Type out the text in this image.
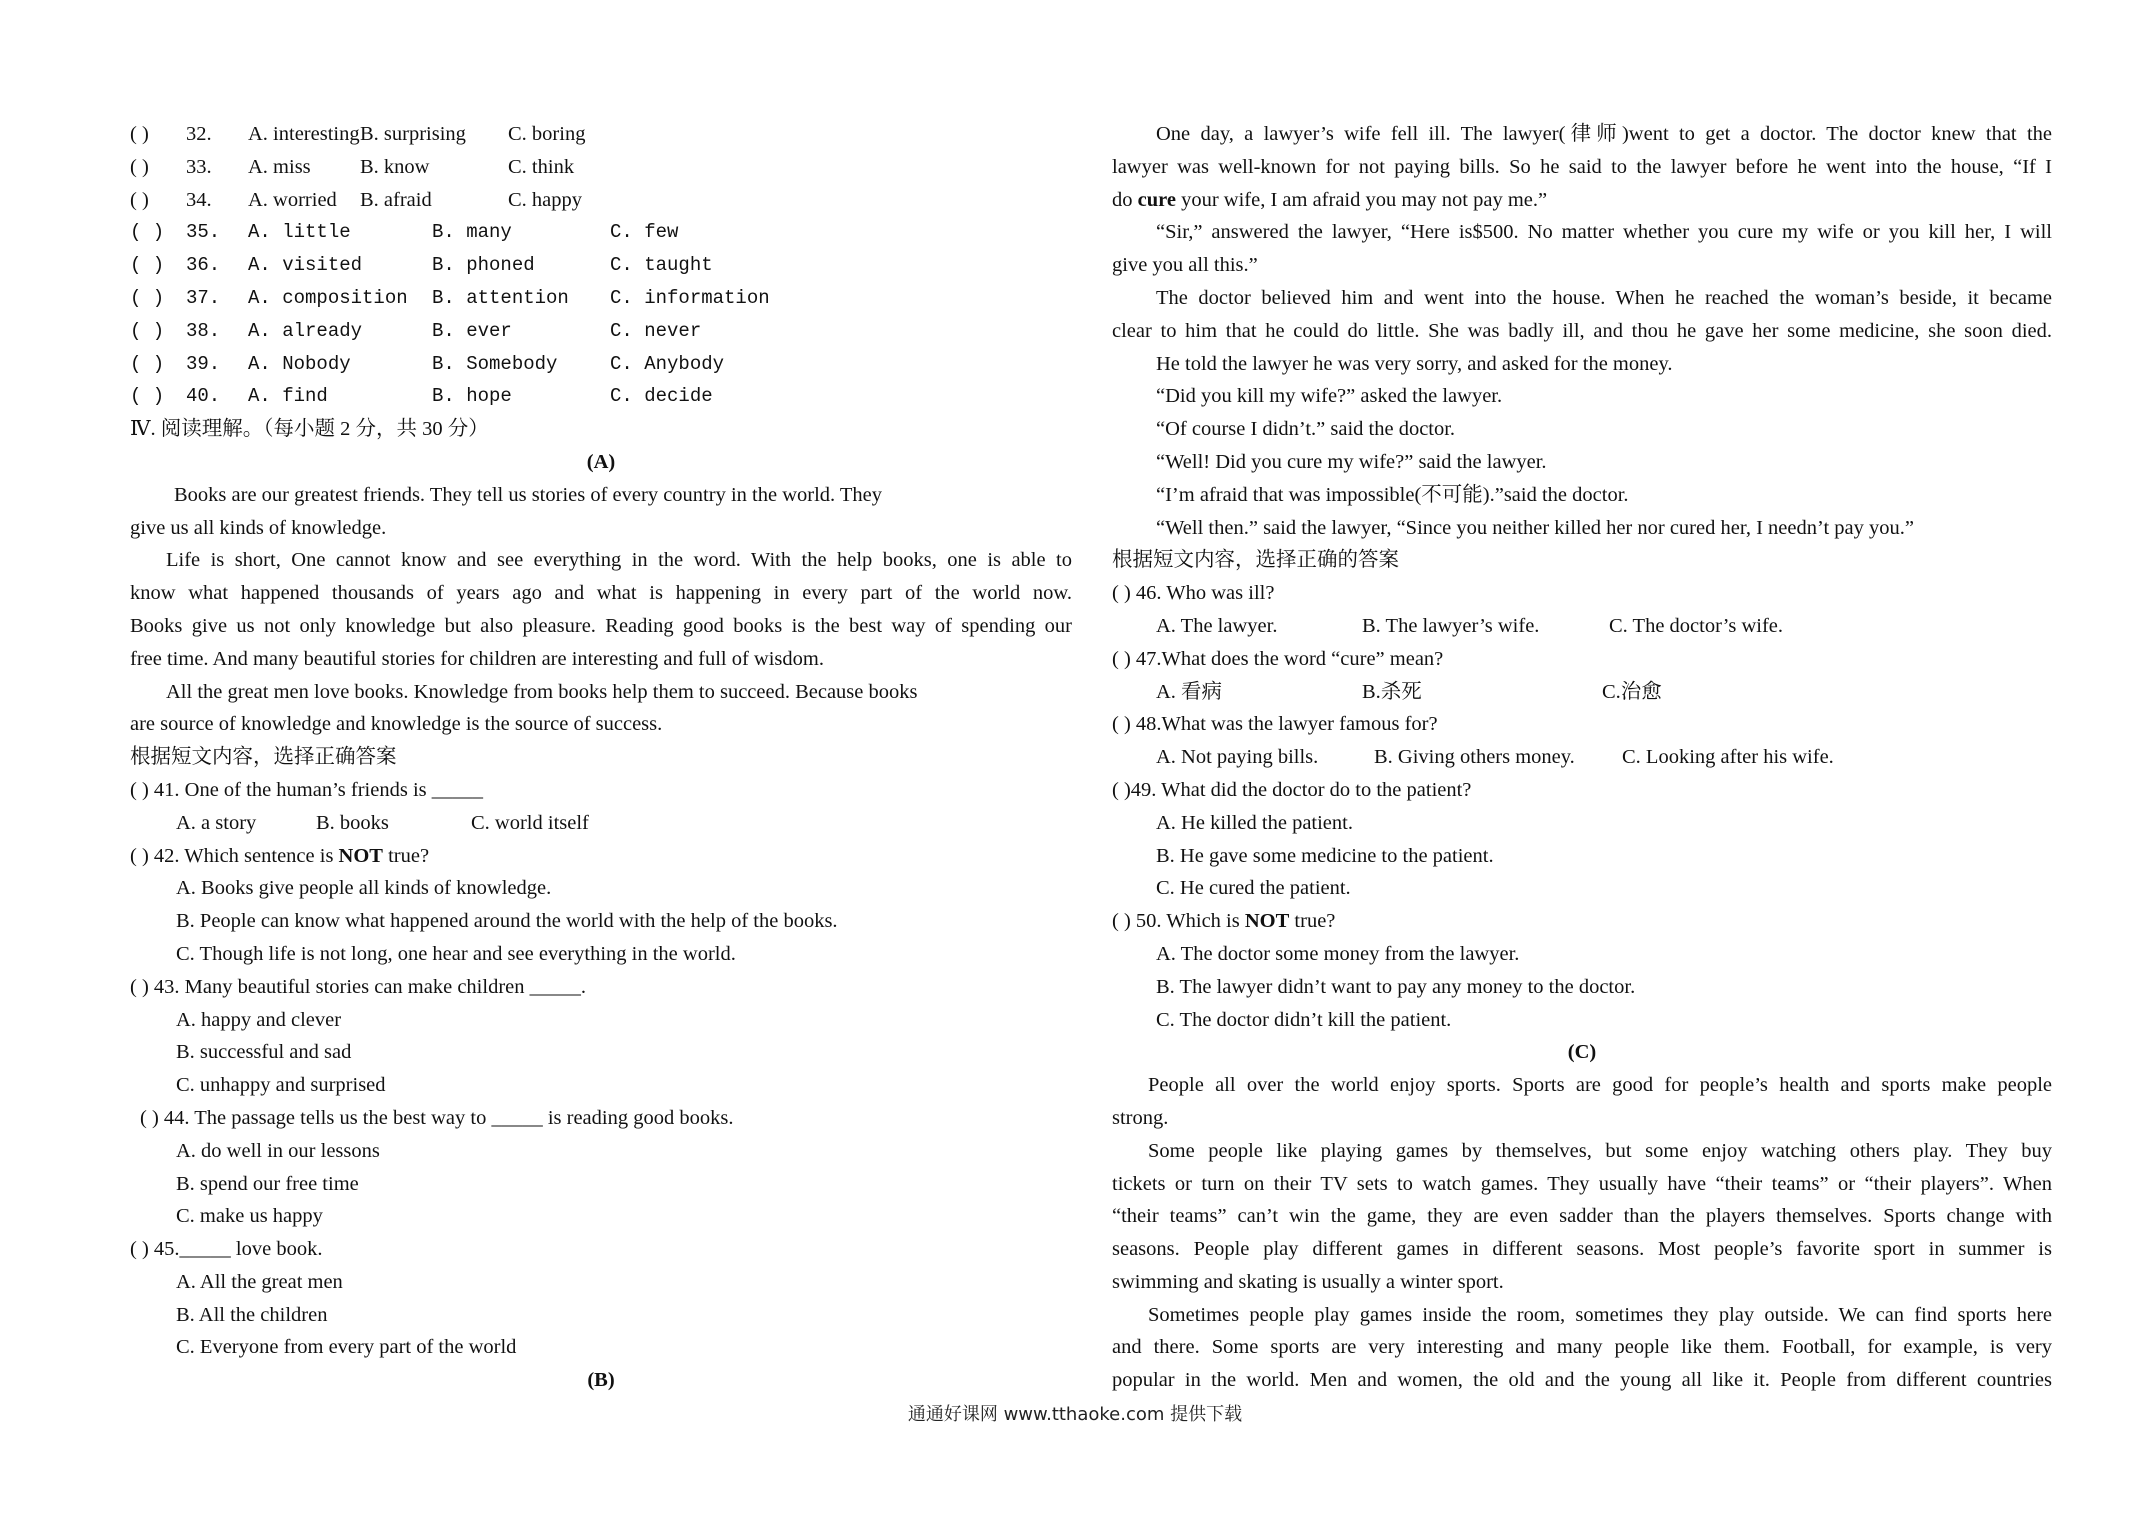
( ) 32. A. interestingB. surprising C. boring
( ) 33. A. miss B. know	C. think
( ) 34. A. worried B. afraid	C. happy
( ) 35. A. little	B. many	C. few
( ) 36. A. visited	B. phoned	C. taught
( ) 37. A. composition B. attention C. information
( ) 38. A. already	B. ever	C. never
( ) 39. A. Nobody	B. Somebody	C. Anybody
( ) 40. A. find	B. hope	C. decide
Ⅳ. 阅读理解。（每小题 2 分，共 30 分）
(A)
Books are our greatest friends. They tell us stories of every country in the world. They
give us all kinds of knowledge.
Life is short, One cannot know and see everything in the word. With the help books, one is able to
know what happened thousands of years ago and what is happening in every part of the world now.
Books give us not only knowledge but also pleasure. Reading good books is the best way of spending our
free time. And many beautiful stories for children are interesting and full of wisdom.
All the great men love books. Knowledge from books help them to succeed. Because books
are source of knowledge and knowledge is the source of success.
根据短文内容，选择正确答案
( ) 41. One of the human’s friends is _____
A. a story	B. books	C. world itself
( ) 42. Which sentence is NOT true?
A. Books give people all kinds of knowledge.
B. People can know what happened around the world with the help of the books.
C. Though life is not long, one hear and see everything in the world.
( ) 43. Many beautiful stories can make children _____.
A. happy and clever
B. successful and sad
C. unhappy and surprised
( ) 44. The passage tells us the best way to _____ is reading good books.
A. do well in our lessons
B. spend our free time
C. make us happy
( ) 45._____ love book.
A. All the great men
B. All the children
C. Everyone from every part of the world
(B)
One day, a lawyer’s wife fell ill. The lawyer(律师)went to get a doctor. The doctor knew that the
lawyer was well-known for not paying bills. So he said to the lawyer before he went into the house, “If I
do cure your wife, I am afraid you may not pay me.”
“Sir,” answered the lawyer, “Here is$500. No matter whether you cure my wife or you kill her, I will
give you all this.”
The doctor believed him and went into the house. When he reached the woman’s beside, it became
clear to him that he could do little. She was badly ill, and thou he gave her some medicine, she soon died.
He told the lawyer he was very sorry, and asked for the money.
“Did you kill my wife?” asked the lawyer.
“Of course I didn’t.” said the doctor.
“Well! Did you cure my wife?” said the lawyer.
“I’m afraid that was impossible(不可能).”said the doctor.
“Well then.” said the lawyer, “Since you neither killed her nor cured her, I needn’t pay you.”
根据短文内容，选择正确的答案
( ) 46. Who was ill?
A. The lawyer.	B. The lawyer’s wife.	C. The doctor’s wife.
( ) 47.What does the word “cure” mean?
A. 看病	B.杀死	C.治愈
( ) 48.What was the lawyer famous for?
A. Not paying bills.	B. Giving others money. C. Looking after his wife.
( )49. What did the doctor do to the patient?
A. He killed the patient.
B. He gave some medicine to the patient.
C. He cured the patient.
( ) 50. Which is NOT true?
A. The doctor some money from the lawyer.
B. The lawyer didn’t want to pay any money to the doctor.
C. The doctor didn’t kill the patient.
(C)
People all over the world enjoy sports. Sports are good for people’s health and sports make people
strong.
Some people like playing games by themselves, but some enjoy watching others play. They buy
tickets or turn on their TV sets to watch games. They usually have “their teams” or “their players”. When
“their teams” can’t win the game, they are even sadder than the players themselves. Sports change with
seasons. People play different games in different seasons. Most people’s favorite sport in summer is
swimming and skating is usually a winter sport.
Sometimes people play games inside the room, sometimes they play outside. We can find sports here
and there. Some sports are very interesting and many people like them. Football, for example, is very
popular in the world. Men and women, the old and the young all like it. People from different countries
通通好课网 www.tthaoke.com 提供下载
